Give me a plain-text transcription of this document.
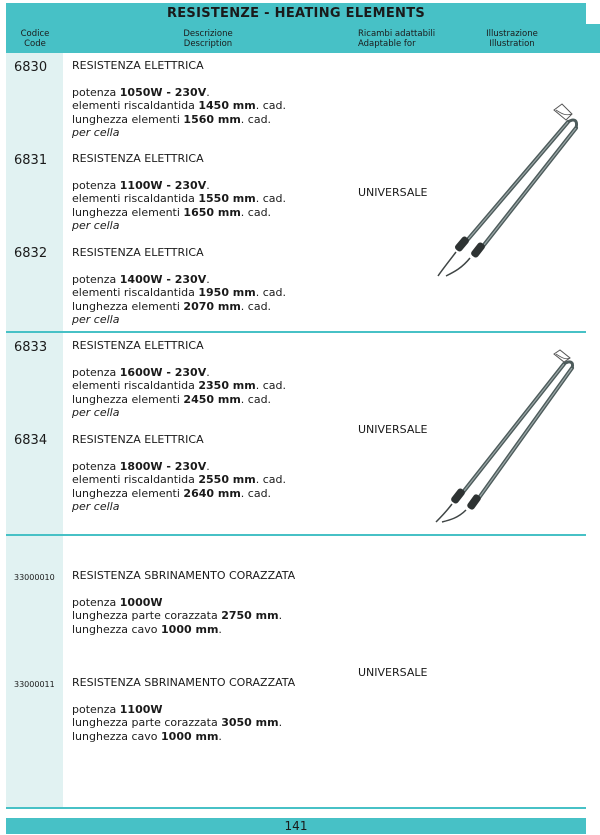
RESISTENZE - HEATING ELEMENTS
Codice
Code
Descrizione
Description
Ricambi adattabili
Adaptable for
Illustrazione
Illustration
6830 RESISTENZA ELETTRICA
potenza 1050W - 230V.
elementi riscaldantida 1450 mm. cad.
lunghezza elementi 1560 mm. cad.
per cella
6831 RESISTENZA ELETTRICA
potenza 1100W - 230V.
elementi riscaldantida 1550 mm. cad.
lunghezza elementi 1650 mm. cad.
per cella
6832 RESISTENZA ELETTRICA
potenza 1400W - 230V.
elementi riscaldantida 1950 mm. cad.
lunghezza elementi 2070 mm. cad.
per cella
UNIVERSALE
6833 RESISTENZA ELETTRICA
potenza 1600W - 230V.
elementi riscaldantida 2350 mm. cad.
lunghezza elementi 2450 mm. cad.
per cella
6834 RESISTENZA ELETTRICA
potenza 1800W - 230V.
elementi riscaldantida 2550 mm. cad.
lunghezza elementi 2640 mm. cad.
per cella
UNIVERSALE
33000010 RESISTENZA SBRINAMENTO CORAZZATA
potenza 1000W
lunghezza parte corazzata 2750 mm.
lunghezza cavo 1000 mm.
33000011 RESISTENZA SBRINAMENTO CORAZZATA
potenza 1100W
lunghezza parte corazzata 3050 mm.
lunghezza cavo 1000 mm.
UNIVERSALE
141
